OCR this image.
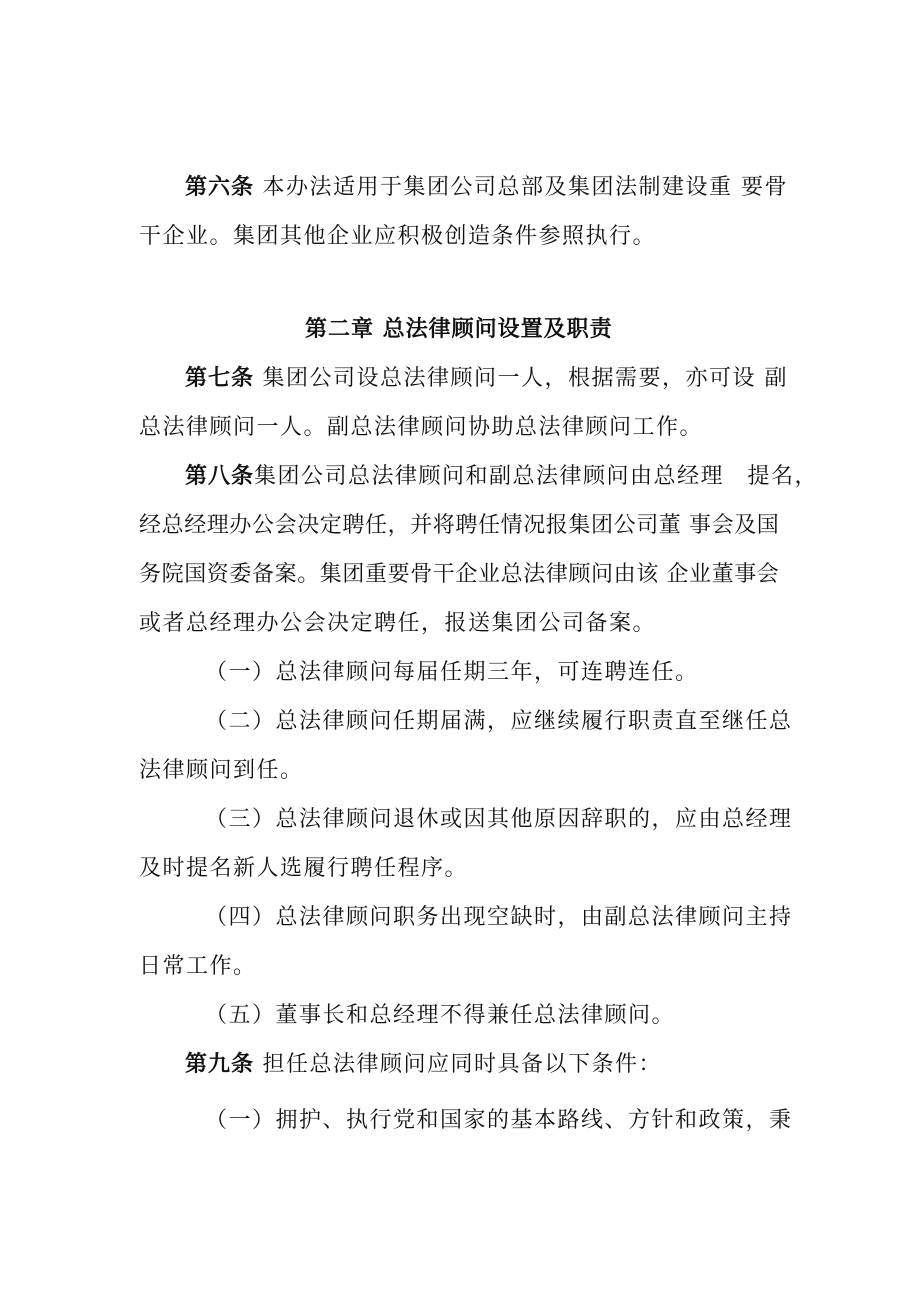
第六条 本办法适用于集团公司总部及集团法制建设重 要骨
干企业。集团其他企业应积极创造条件参照执行。
第二章 总法律顾问设置及职责
第七条 集团公司设总法律顾问一人，根据需要，亦可设 副
总法律顾问一人。副总法律顾问协助总法律顾问工作。
第八条集团公司总法律顾问和副总法律顾问由总经理　提名，
经总经理办公会决定聘任，并将聘任情况报集团公司董 事会及国
务院国资委备案。集团重要骨干企业总法律顾问由该 企业董事会
或者总经理办公会决定聘任，报送集团公司备案。
（一）总法律顾问每届任期三年，可连聘连任。
（二）总法律顾问任期届满，应继续履行职责直至继任总
法律顾问到任。
（三）总法律顾问退休或因其他原因辞职的，应由总经理
及时提名新人选履行聘任程序。
（四）总法律顾问职务出现空缺时，由副总法律顾问主持
日常工作。
（五）董事长和总经理不得兼任总法律顾问。
第九条 担任总法律顾问应同时具备以下条件：
（一）拥护、执行党和国家的基本路线、方针和政策，秉
